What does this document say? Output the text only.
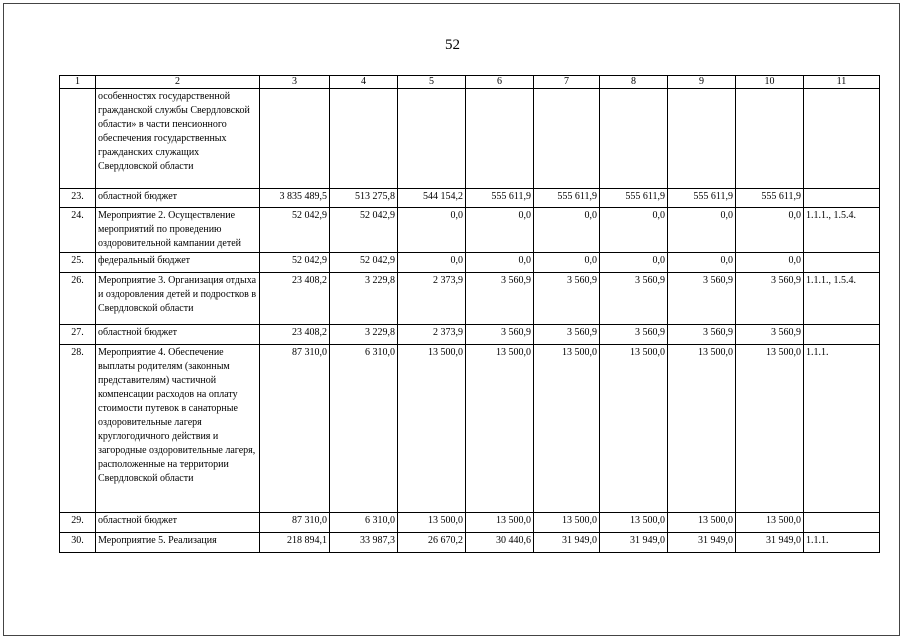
52
1	2	3	4	5	6	7	8	9	10	11
	особенностях государственной гражданской службы Свердловской области» в части пенсионного обеспечения государственных гражданских служащих Свердловской области									
23.	областной бюджет	3 835 489,5	513 275,8	544 154,2	555 611,9	555 611,9	555 611,9	555 611,9	555 611,9	
24.	Мероприятие 2. Осуществление мероприятий по проведению оздоровительной кампании детей	52 042,9	52 042,9	0,0	0,0	0,0	0,0	0,0	0,0	1.1.1., 1.5.4.
25.	федеральный бюджет	52 042,9	52 042,9	0,0	0,0	0,0	0,0	0,0	0,0	
26.	Мероприятие 3. Организация отдыха и оздоровления детей и подростков в Свердловской области	23 408,2	3 229,8	2 373,9	3 560,9	3 560,9	3 560,9	3 560,9	3 560,9	1.1.1., 1.5.4.
27.	областной бюджет	23 408,2	3 229,8	2 373,9	3 560,9	3 560,9	3 560,9	3 560,9	3 560,9	
28.	Мероприятие 4. Обеспечение выплаты родителям (законным представителям) частичной компенсации расходов на оплату стоимости путевок в санаторные оздоровительные лагеря круглогодичного действия и загородные оздоровительные лагеря, расположенные на территории Свердловской области	87 310,0	6 310,0	13 500,0	13 500,0	13 500,0	13 500,0	13 500,0	13 500,0	1.1.1.
29.	областной бюджет	87 310,0	6 310,0	13 500,0	13 500,0	13 500,0	13 500,0	13 500,0	13 500,0	
30.	Мероприятие 5. Реализация	218 894,1	33 987,3	26 670,2	30 440,6	31 949,0	31 949,0	31 949,0	31 949,0	1.1.1.
